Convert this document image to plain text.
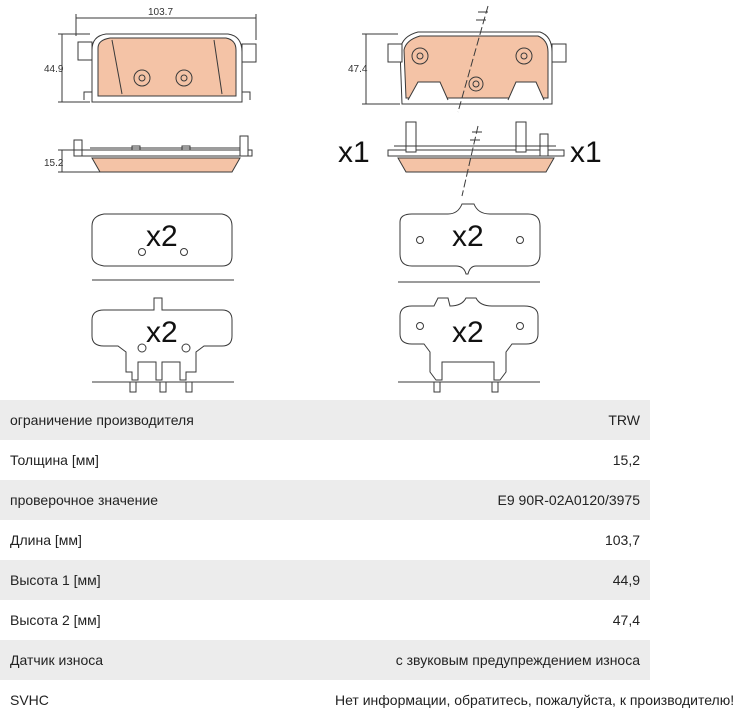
103.7
44.9
15.2
47.4
x1	x1
x2	x2
x2	x2
ограничение производителя	TRW
Толщина [мм]	15,2
проверочное значение	E9 90R-02A0120/3975
Длина [мм]	103,7
Высота 1 [мм]	44,9
Высота 2 [мм]	47,4
Датчик износа	с звуковым предупреждением износа
SVHC	Нет информации, обратитесь, пожалуйста, к производителю!
